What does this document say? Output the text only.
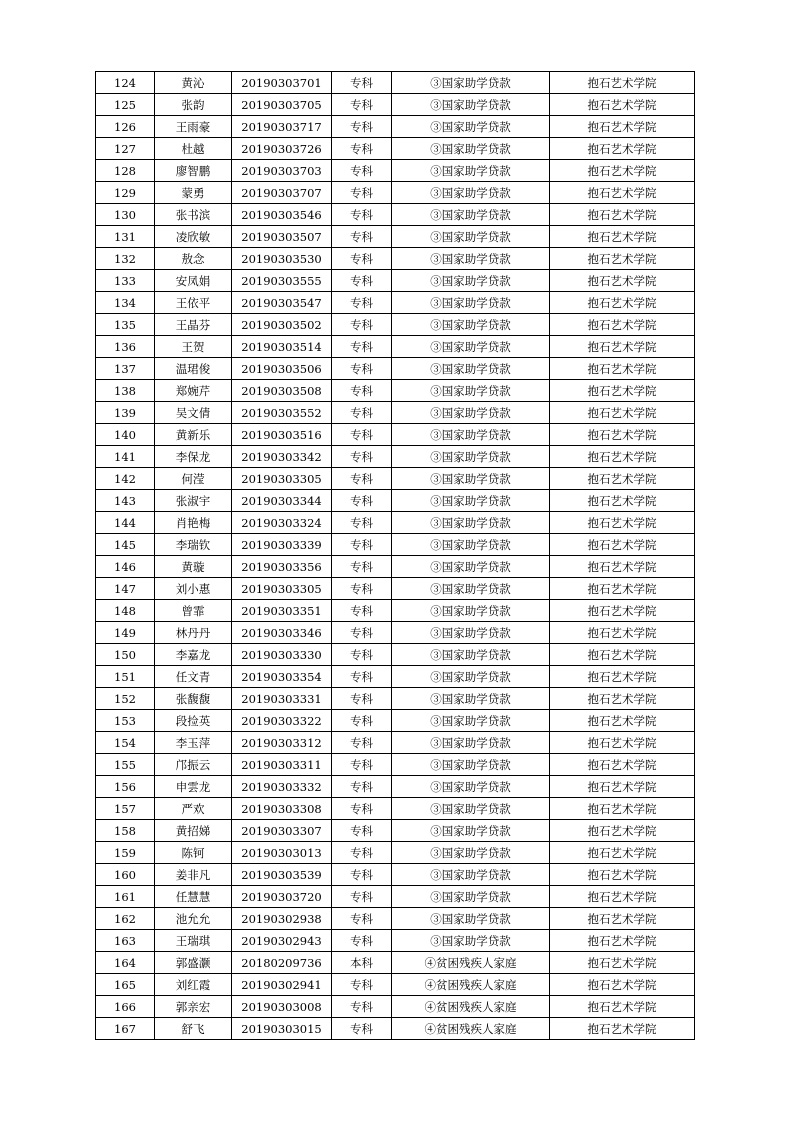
124	黄沁	20190303701	专科	③国家助学贷款	抱石艺术学院
125	张韵	20190303705	专科	③国家助学贷款	抱石艺术学院
126	王雨豪	20190303717	专科	③国家助学贷款	抱石艺术学院
127	杜越	20190303726	专科	③国家助学贷款	抱石艺术学院
128	廖智鹏	20190303703	专科	③国家助学贷款	抱石艺术学院
129	蒙勇	20190303707	专科	③国家助学贷款	抱石艺术学院
130	张书滨	20190303546	专科	③国家助学贷款	抱石艺术学院
131	凌欣敏	20190303507	专科	③国家助学贷款	抱石艺术学院
132	敖念	20190303530	专科	③国家助学贷款	抱石艺术学院
133	安凤娟	20190303555	专科	③国家助学贷款	抱石艺术学院
134	王依平	20190303547	专科	③国家助学贷款	抱石艺术学院
135	王晶芬	20190303502	专科	③国家助学贷款	抱石艺术学院
136	王贺	20190303514	专科	③国家助学贷款	抱石艺术学院
137	温珺俊	20190303506	专科	③国家助学贷款	抱石艺术学院
138	郑婉芹	20190303508	专科	③国家助学贷款	抱石艺术学院
139	吴文倩	20190303552	专科	③国家助学贷款	抱石艺术学院
140	黄新乐	20190303516	专科	③国家助学贷款	抱石艺术学院
141	李保龙	20190303342	专科	③国家助学贷款	抱石艺术学院
142	何滢	20190303305	专科	③国家助学贷款	抱石艺术学院
143	张淑宇	20190303344	专科	③国家助学贷款	抱石艺术学院
144	肖艳梅	20190303324	专科	③国家助学贷款	抱石艺术学院
145	李瑞钦	20190303339	专科	③国家助学贷款	抱石艺术学院
146	黄璇	20190303356	专科	③国家助学贷款	抱石艺术学院
147	刘小惠	20190303305	专科	③国家助学贷款	抱石艺术学院
148	曾霏	20190303351	专科	③国家助学贷款	抱石艺术学院
149	林丹丹	20190303346	专科	③国家助学贷款	抱石艺术学院
150	李嘉龙	20190303330	专科	③国家助学贷款	抱石艺术学院
151	任文青	20190303354	专科	③国家助学贷款	抱石艺术学院
152	张馥馥	20190303331	专科	③国家助学贷款	抱石艺术学院
153	段捡英	20190303322	专科	③国家助学贷款	抱石艺术学院
154	李玉萍	20190303312	专科	③国家助学贷款	抱石艺术学院
155	邝振云	20190303311	专科	③国家助学贷款	抱石艺术学院
156	申雲龙	20190303332	专科	③国家助学贷款	抱石艺术学院
157	严欢	20190303308	专科	③国家助学贷款	抱石艺术学院
158	黄招娣	20190303307	专科	③国家助学贷款	抱石艺术学院
159	陈钶	20190303013	专科	③国家助学贷款	抱石艺术学院
160	姜非凡	20190303539	专科	③国家助学贷款	抱石艺术学院
161	任慧慧	20190303720	专科	③国家助学贷款	抱石艺术学院
162	池允允	20190302938	专科	③国家助学贷款	抱石艺术学院
163	王瑞琪	20190302943	专科	③国家助学贷款	抱石艺术学院
164	郭盛灏	20180209736	本科	④贫困残疾人家庭	抱石艺术学院
165	刘红霞	20190302941	专科	④贫困残疾人家庭	抱石艺术学院
166	郭亲宏	20190303008	专科	④贫困残疾人家庭	抱石艺术学院
167	舒飞	20190303015	专科	④贫困残疾人家庭	抱石艺术学院
